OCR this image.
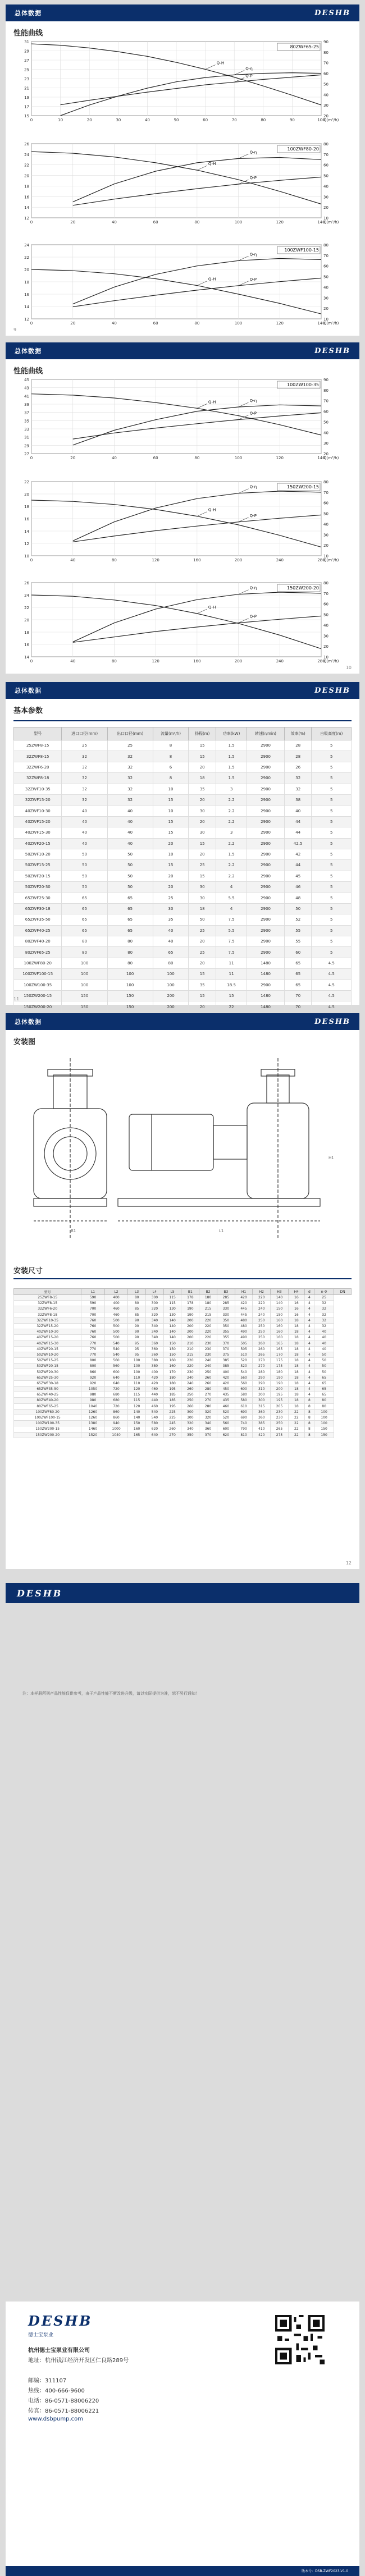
总体数据	DESHB
性能曲线
15
17
19
21
23
25
27
29
31
20
30
40
50
60
70
80
90
0	10	20	30	40	50	60	70	80	90	100
Q(m³/h)
80ZWF65-25
Q-H
Q-η
Q-P
12
14
16
18
20
22
24
26
10
20
30
40
50
60
70
80
0	20	40	60	80	100	120	140
Q(m³/h)
100ZWF80-20
Q-H
Q-η
Q-P
12
14
16
18
20
22
24
10
20
30
40
50
60
70
80
0	20	40	60	80	100	120	140
Q(m³/h)
100ZWF100-15
Q-H
Q-η
Q-P
9
总体数据	DESHB
性能曲线
27
29
31
33
35
37
39
41
43
45
20
30
40
50
60
70
80
90
0	20	40	60	80	100	120	140
Q(m³/h)
100ZW100-35
Q-H	Q-η
Q-P
10
12
14
16
18
20
22
10
20
30
40
50
60
70
80
0	40	80	120	160	200	240	280
Q(m³/h)
150ZW200-15
Q-H
Q-η
Q-P
14
16
18
20
22
24
26
10
20
30
40
50
60
70
80
0	40	80	120	160	200	240	280
Q(m³/h)
150ZW200-20
Q-H
Q-η
Q-P
10
总体数据	DESHB
基本参数
型号	进口口径(mm)	出口口径(mm)	流量(m³/h)	扬程(m)	功率(kW)	转速(r/min)	效率(%)	自吸高度(m)
25ZWF8-15	25	25	8	15	1.5	2900	28	5
32ZWF8-15	32	32	8	15	1.5	2900	28	5
32ZWF6-20	32	32	6	20	1.5	2900	26	5
32ZWF8-18	32	32	8	18	1.5	2900	32	5
32ZWF10-35	32	32	10	35	3	2900	32	5
32ZWF15-20	32	32	15	20	2.2	2900	38	5
40ZWF10-30	40	40	10	30	2.2	2900	40	5
40ZWF15-20	40	40	15	20	2.2	2900	44	5
40ZWF15-30	40	40	15	30	3	2900	44	5
40ZWF20-15	40	40	20	15	2.2	2900	42.5	5
50ZWF10-20	50	50	10	20	1.5	2900	42	5
50ZWF15-25	50	50	15	25	2.2	2900	44	5
50ZWF20-15	50	50	20	15	2.2	2900	45	5
50ZWF20-30	50	50	20	30	4	2900	46	5
65ZWF25-30	65	65	25	30	5.5	2900	48	5
65ZWF30-18	65	65	30	18	4	2900	50	5
65ZWF35-50	65	65	35	50	7.5	2900	52	5
65ZWF40-25	65	65	40	25	5.5	2900	55	5
80ZWF40-20	80	80	40	20	7.5	2900	55	5
80ZWF65-25	80	80	65	25	7.5	2900	60	5
100ZWF80-20	100	80	80	20	11	1480	65	4.5
100ZWF100-15	100	100	100	15	11	1480	65	4.5
100ZW100-35	100	100	100	35	18.5	2900	65	4.5
150ZW200-15	150	150	200	15	15	1480	70	4.5
150ZW200-20	150	150	200	20	22	1480	70	4.5
11
总体数据	DESHB
安装图
B1	L1
H1
安装尺寸
型号	L1	L2	L3	L4	L5	B1	B2	B3	H1	H2	H3	H4	d	n-Φ	DN
25ZWF8-15	590	400	80	300	115	178	180	285	420	220	140	16	4	25	
32ZWF8-15	590	400	80	300	115	178	180	285	420	220	140	16	4	32	
32ZWF6-20	700	460	85	320	130	190	215	330	445	240	150	16	4	32	
32ZWF8-18	700	460	85	320	130	190	215	330	445	240	150	16	4	32	
32ZWF10-35	760	500	90	340	140	200	220	350	480	250	160	18	4	32	
32ZWF15-20	760	500	90	340	140	200	220	350	480	250	160	18	4	32	
40ZWF10-30	760	500	90	340	140	200	220	355	490	250	160	18	4	40	
40ZWF15-20	760	500	90	340	140	200	220	355	490	250	160	18	4	40	
40ZWF15-30	770	540	95	360	150	210	230	370	505	260	165	18	4	40	
40ZWF20-15	770	540	95	360	150	210	230	370	505	260	165	18	4	40	
50ZWF10-20	770	540	95	360	150	215	230	375	510	265	170	18	4	50	
50ZWF15-25	800	560	100	380	160	220	240	385	520	270	175	18	4	50	
50ZWF20-15	800	560	100	380	160	220	240	385	520	270	175	18	4	50	
50ZWF20-30	860	600	100	400	170	230	250	400	540	280	180	18	4	50	
65ZWF25-30	920	640	110	420	180	240	260	420	560	290	190	18	4	65	
65ZWF30-18	920	640	110	420	180	240	260	420	560	290	190	18	4	65	
65ZWF35-50	1050	720	120	460	195	260	280	450	600	310	200	18	4	65	
65ZWF40-25	980	680	115	440	185	250	270	435	580	300	195	18	4	65	
80ZWF40-20	980	680	115	440	185	250	270	435	580	300	195	18	8	80	
80ZWF65-25	1040	720	120	460	195	260	280	460	610	315	205	18	8	80	
100ZWF80-20	1260	860	140	540	225	300	320	520	690	360	230	22	8	100	
100ZWF100-15	1260	860	140	540	225	300	320	520	690	360	230	22	8	100	
100ZW100-35	1380	940	150	580	245	320	340	560	740	385	250	22	8	100	
150ZW200-15	1460	1000	160	620	260	340	360	600	790	410	265	22	8	150	
150ZW200-20	1520	1040	165	640	270	350	370	620	810	420	275	22	8	150	
12
DESHB
注：本样册所列产品性能仅供参考，由于产品性能不断改进升级，请以实际提供为准，恕不另行通知！
DESHB
德士宝泵业
杭州德士宝泵业有限公司
地址：杭州钱江经济开发区仁良路289号
邮编：311107
热线：400-666-9600
电话：86-0571-88006220
传真：86-0571-88006221
www.dsbpump.com
版本号：DSB-ZWF2023-V1.0
